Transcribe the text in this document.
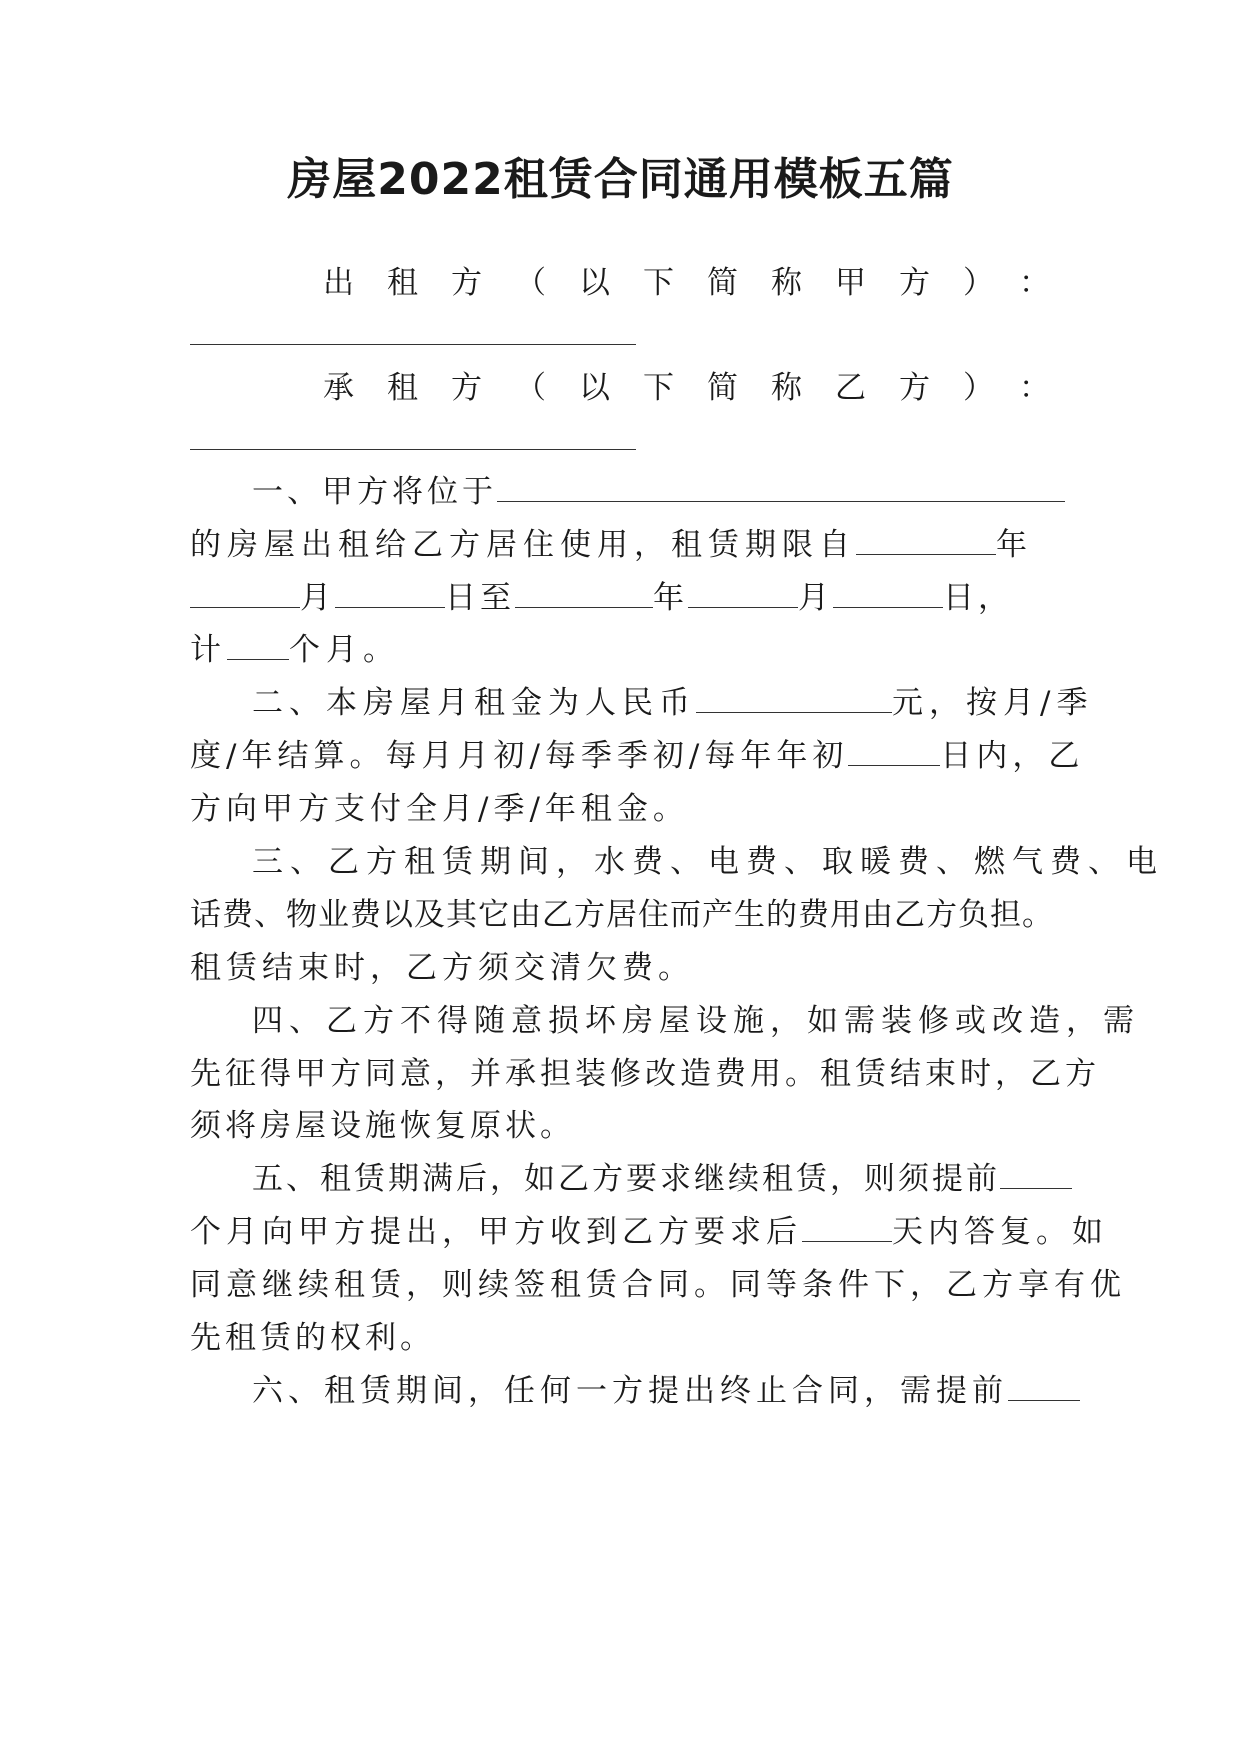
房屋2022租赁合同通用模板五篇
出租方（以下简称甲方）
：
承租方（以下简称乙方）
：
一、甲方将位于
的房屋出租给乙方居住使用，租赁期限自	年
月	日至	年	月	日，
计 个月。
二、本房屋月租金为人民币	元，按月/季
度/年结算。每月月初/每季季初/每年年初	日内，乙
方向甲方支付全月/季/年租金。
三、乙方租赁期间，水费、电费、取暖费、燃气费、电
话费、物业费以及其它由乙方居住而产生的费用由乙方负担。
租赁结束时，乙方须交清欠费。
四、乙方不得随意损坏房屋设施，如需装修或改造，需
先征得甲方同意，并承担装修改造费用。租赁结束时，乙方
须将房屋设施恢复原状。
五、租赁期满后，如乙方要求继续租赁，则须提前
个月向甲方提出，甲方收到乙方要求后	天内答复。如
同意继续租赁，则续签租赁合同。同等条件下，乙方享有优
先租赁的权利。
六、租赁期间，任何一方提出终止合同，需提前
